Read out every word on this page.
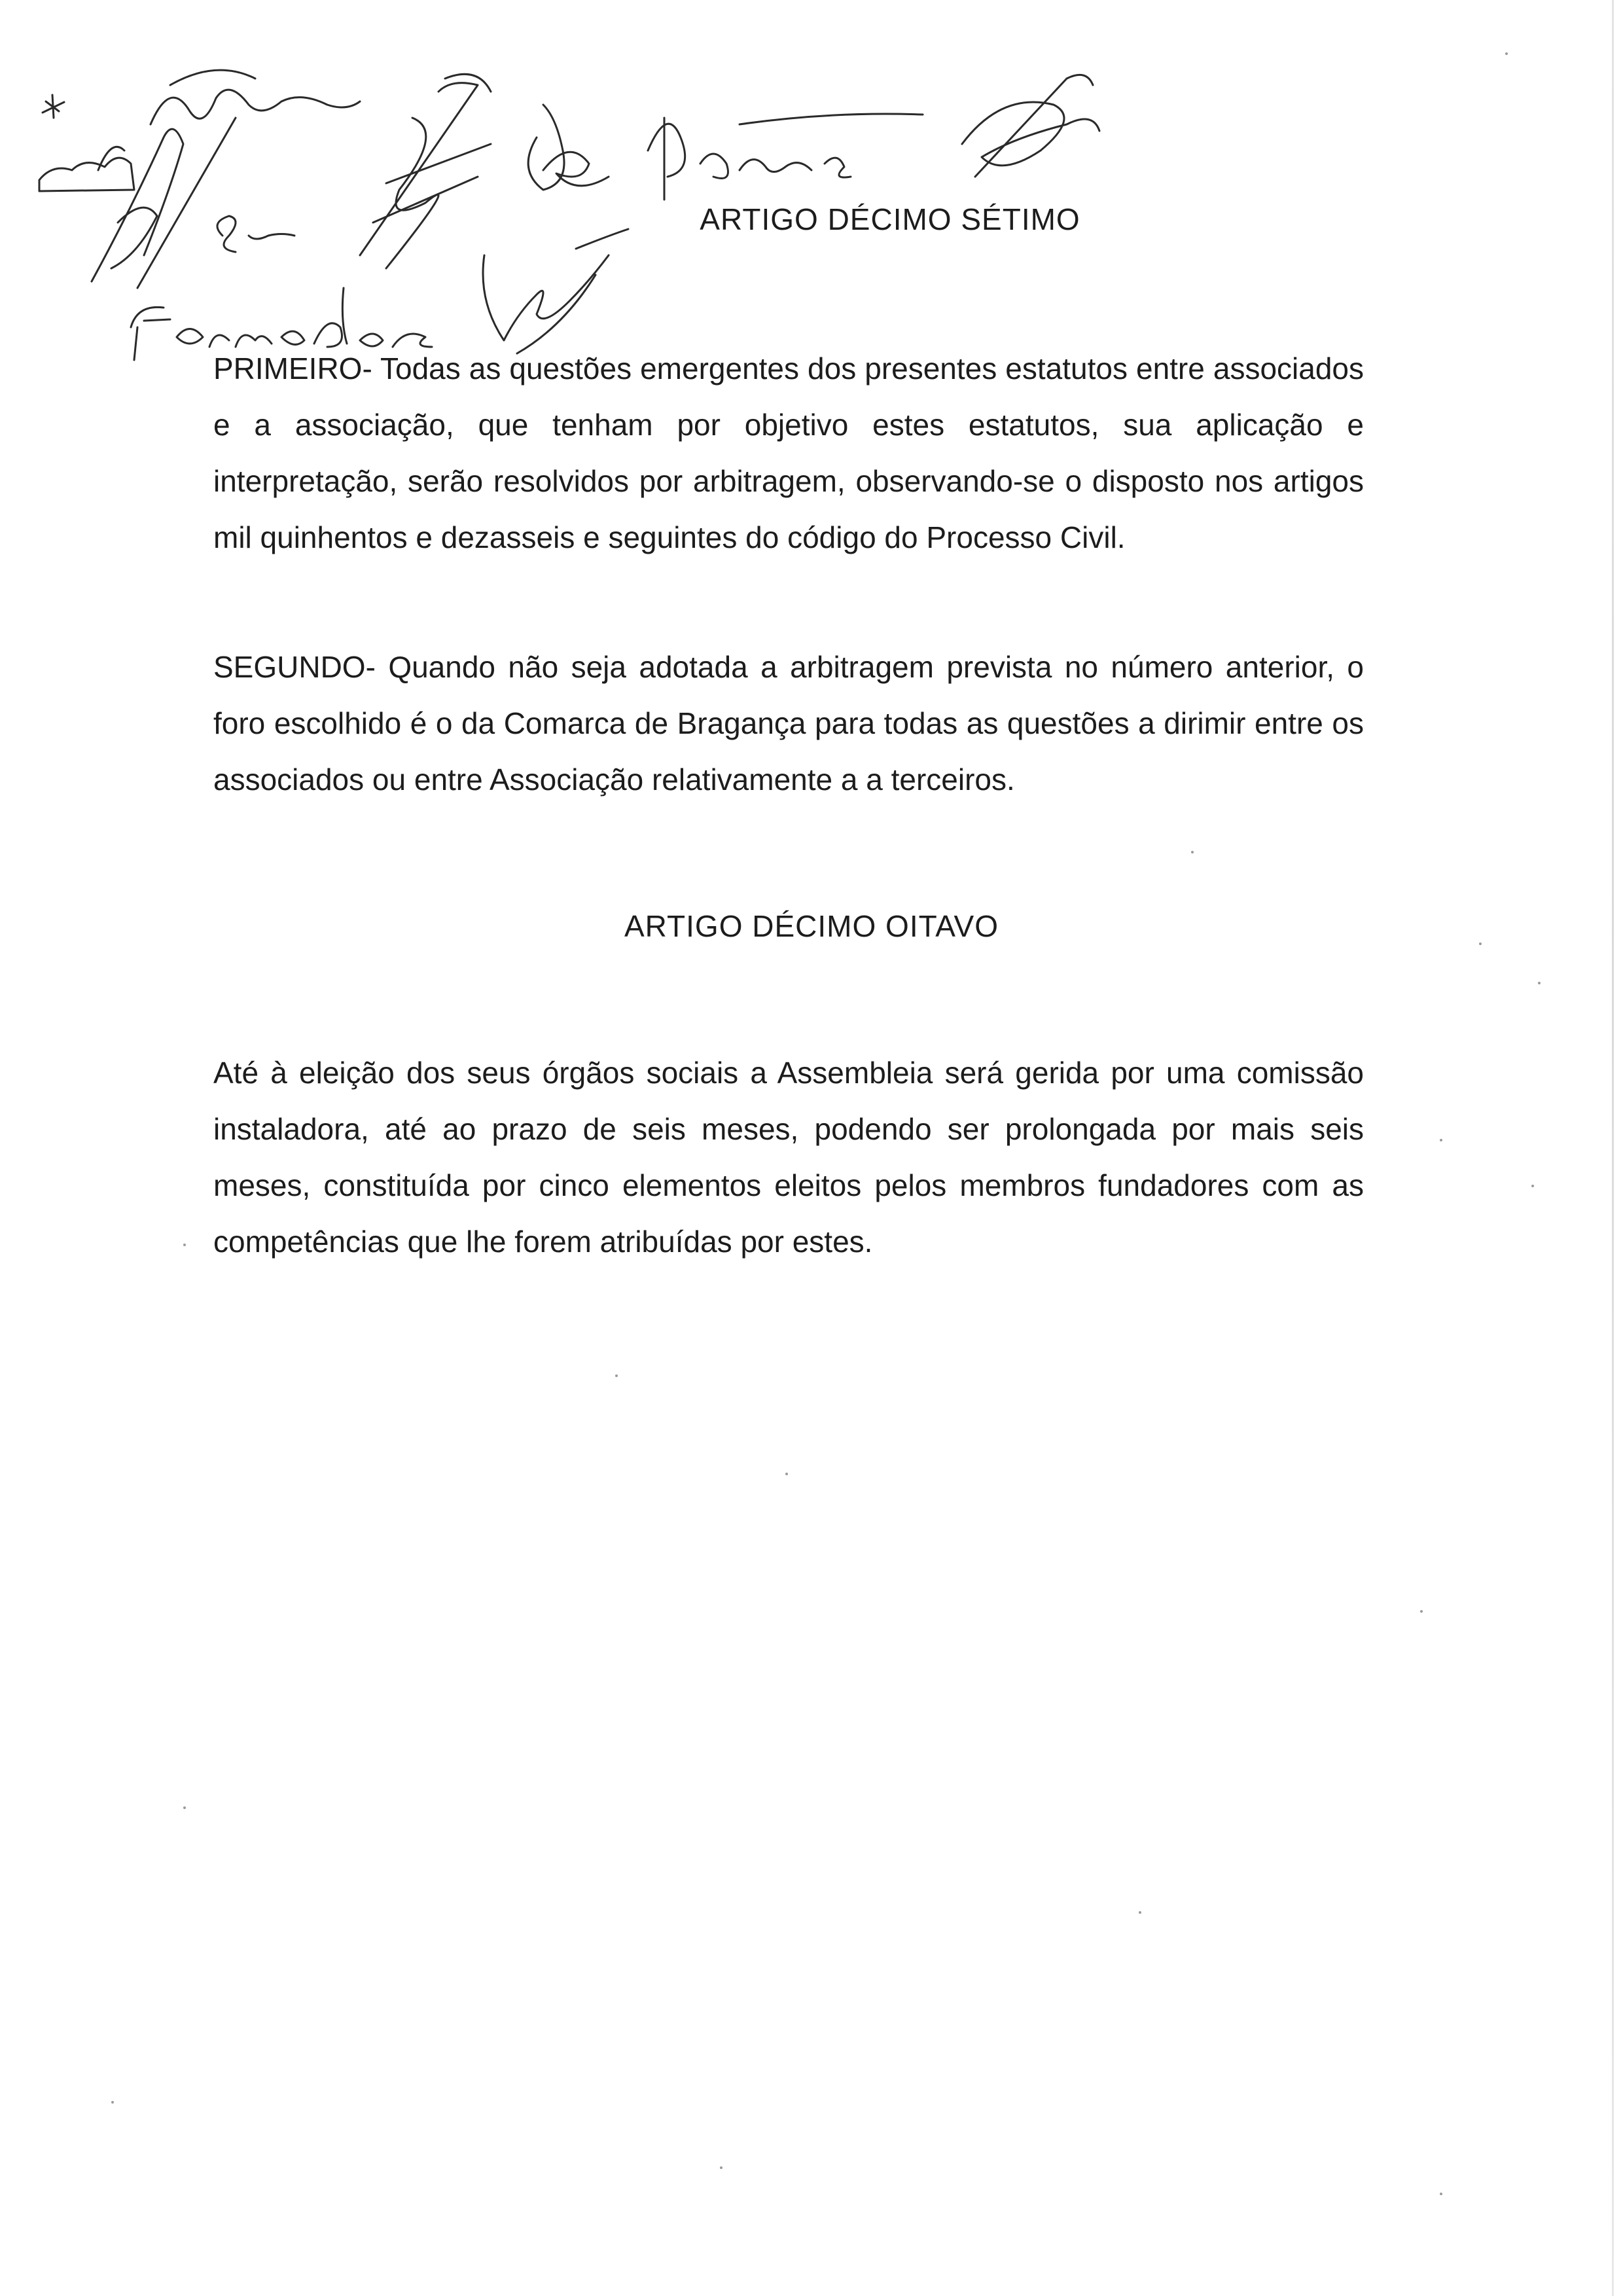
ARTIGO DÉCIMO SÉTIMO

PRIMEIRO- Todas as questões emergentes dos presentes estatutos entre associados e a associação, que tenham por objetivo estes estatutos, sua aplicação e interpretação, serão resolvidos por arbitragem, observando-se o disposto nos artigos mil quinhentos e dezasseis e seguintes do código do Processo Civil.

SEGUNDO- Quando não seja adotada a arbitragem prevista no número anterior, o foro escolhido é o da Comarca de Bragança para todas as questões a dirimir entre os associados ou entre Associação relativamente a a terceiros.

ARTIGO DÉCIMO OITAVO

Até à eleição dos seus órgãos sociais a Assembleia será gerida por uma comissão instaladora, até ao prazo de seis meses, podendo ser prolongada por mais seis meses, constituída por cinco elementos eleitos pelos membros fundadores com as competências que lhe forem atribuídas por estes.
